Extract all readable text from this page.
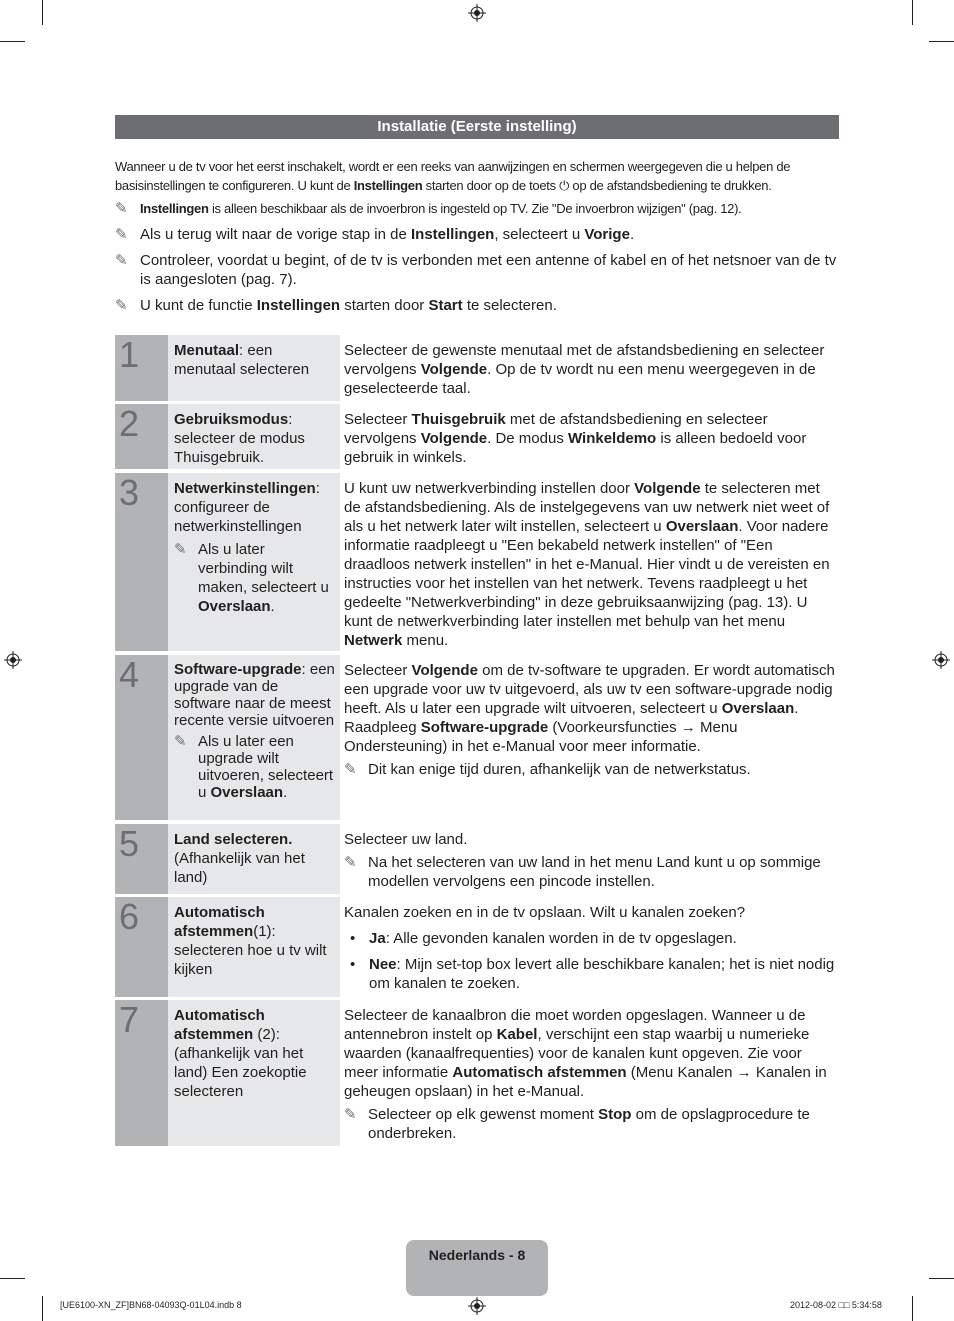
Installatie (Eerste instelling)
Wanneer u de tv voor het eerst inschakelt, wordt er een reeks van aanwijzingen en schermen weergegeven die u helpen de basisinstellingen te configureren. U kunt de Instellingen starten door op de toets ⏻ op de afstandsbediening te drukken.
✎ Instellingen is alleen beschikbaar als de invoerbron is ingesteld op TV. Zie "De invoerbron wijzigen" (pag. 12).
✎ Als u terug wilt naar de vorige stap in de Instellingen, selecteert u Vorige.
✎ Controleer, voordat u begint, of de tv is verbonden met een antenne of kabel en of het netsnoer van de tv is aangesloten (pag. 7).
✎ U kunt de functie Instellingen starten door Start te selecteren.
1	Menutaal: een menutaal selecteren
Selecteer de gewenste menutaal met de afstandsbediening en selecteer vervolgens Volgende. Op de tv wordt nu een menu weergegeven in de geselecteerde taal.
2	Gebruiksmodus: selecteer de modus Thuisgebruik.
Selecteer Thuisgebruik met de afstandsbediening en selecteer vervolgens Volgende. De modus Winkeldemo is alleen bedoeld voor gebruik in winkels.
3	Netwerkinstellingen: configureer de netwerkinstellingen
✎ Als u later verbinding wilt maken, selecteert u Overslaan.
U kunt uw netwerkverbinding instellen door Volgende te selecteren met de afstandsbediening. Als de instelgegevens van uw netwerk niet weet of als u het netwerk later wilt instellen, selecteert u Overslaan. Voor nadere informatie raadpleegt u "Een bekabeld netwerk instellen" of "Een draadloos netwerk instellen" in het e-Manual. Hier vindt u de vereisten en instructies voor het instellen van het netwerk. Tevens raadpleegt u het gedeelte "Netwerkverbinding" in deze gebruiksaanwijzing (pag. 13). U kunt de netwerkverbinding later instellen met behulp van het menu Netwerk menu.
4	Software-upgrade: een upgrade van de software naar de meest recente versie uitvoeren
✎ Als u later een upgrade wilt uitvoeren, selecteert u Overslaan.
Selecteer Volgende om de tv-software te upgraden. Er wordt automatisch een upgrade voor uw tv uitgevoerd, als uw tv een software-upgrade nodig heeft. Als u later een upgrade wilt uitvoeren, selecteert u Overslaan. Raadpleeg Software-upgrade (Voorkeursfuncties → Menu Ondersteuning) in het e-Manual voor meer informatie.
✎ Dit kan enige tijd duren, afhankelijk van de netwerkstatus.
5	Land selecteren. (Afhankelijk van het land)
Selecteer uw land.
✎ Na het selecteren van uw land in het menu Land kunt u op sommige modellen vervolgens een pincode instellen.
6	Automatisch afstemmen(1): selecteren hoe u tv wilt kijken
Kanalen zoeken en in de tv opslaan. Wilt u kanalen zoeken?
• Ja: Alle gevonden kanalen worden in de tv opgeslagen.
• Nee: Mijn set-top box levert alle beschikbare kanalen; het is niet nodig om kanalen te zoeken.
7	Automatisch afstemmen (2): (afhankelijk van het land) Een zoekoptie selecteren
Selecteer de kanaalbron die moet worden opgeslagen. Wanneer u de antennebron instelt op Kabel, verschijnt een stap waarbij u numerieke waarden (kanaalfrequenties) voor de kanalen kunt opgeven. Zie voor meer informatie Automatisch afstemmen (Menu Kanalen → Kanalen in geheugen opslaan) in het e-Manual.
✎ Selecteer op elk gewenst moment Stop om de opslagprocedure te onderbreken.
Nederlands - 8
[UE6100-XN_ZF]BN68-04093Q-01L04.indb 8	2012-08-02 □□ 5:34:58
